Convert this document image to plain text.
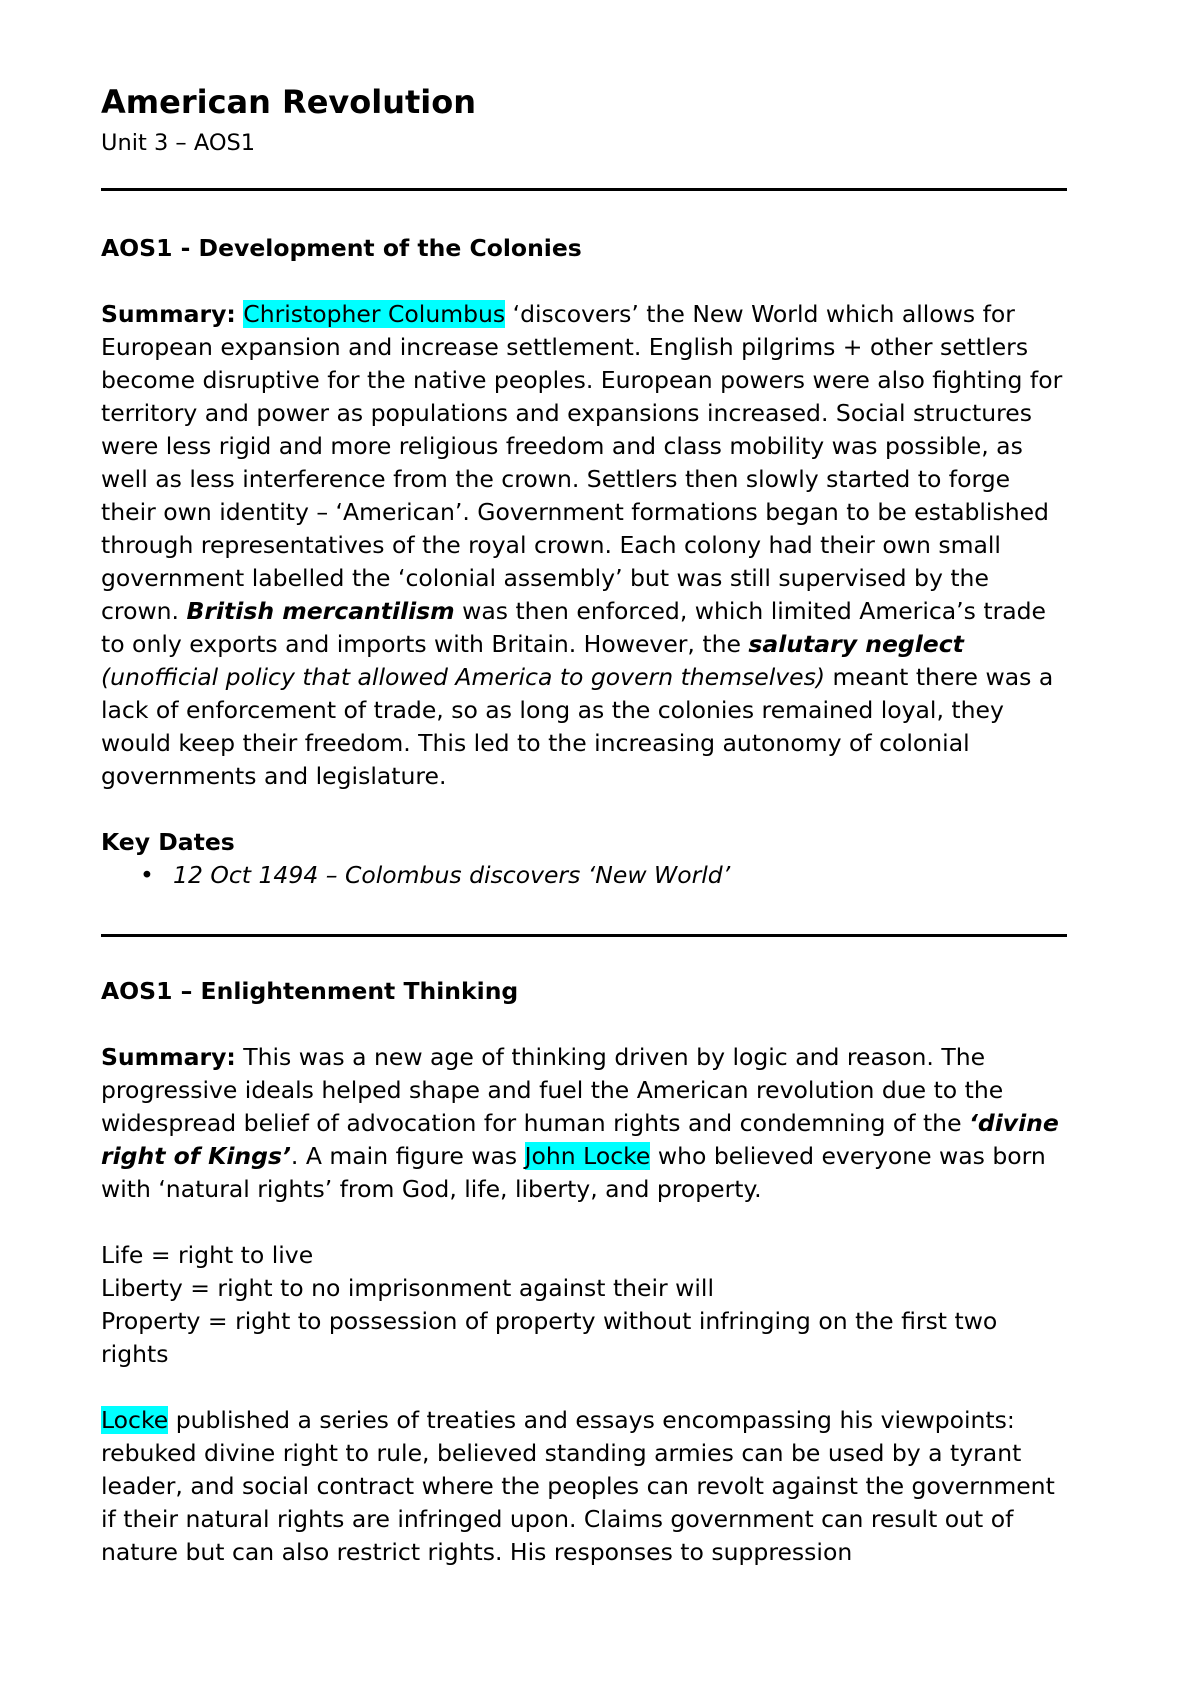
American Revolution

Unit 3 – AOS1

AOS1 - Development of the Colonies

Summary: Christopher Columbus ‘discovers’ the New World which allows for European expansion and increase settlement. English pilgrims + other settlers become disruptive for the native peoples. European powers were also fighting for territory and power as populations and expansions increased. Social structures were less rigid and more religious freedom and class mobility was possible, as well as less interference from the crown. Settlers then slowly started to forge their own identity – ‘American’. Government formations began to be established through representatives of the royal crown. Each colony had their own small government labelled the ‘colonial assembly’ but was still supervised by the crown. British mercantilism was then enforced, which limited America’s trade to only exports and imports with Britain. However, the salutary neglect (unofficial policy that allowed America to govern themselves) meant there was a lack of enforcement of trade, so as long as the colonies remained loyal, they would keep their freedom. This led to the increasing autonomy of colonial governments and legislature.

Key Dates

• 12 Oct 1494 – Colombus discovers ‘New World’

AOS1 – Enlightenment Thinking

Summary: This was a new age of thinking driven by logic and reason. The progressive ideals helped shape and fuel the American revolution due to the widespread belief of advocation for human rights and condemning of the ‘divine right of Kings’. A main figure was John Locke who believed everyone was born with ‘natural rights’ from God, life, liberty, and property.

Life = right to live

Liberty = right to no imprisonment against their will

Property = right to possession of property without infringing on the first two rights

Locke published a series of treaties and essays encompassing his viewpoints: rebuked divine right to rule, believed standing armies can be used by a tyrant leader, and social contract where the peoples can revolt against the government if their natural rights are infringed upon. Claims government can result out of nature but can also restrict rights. His responses to suppression
